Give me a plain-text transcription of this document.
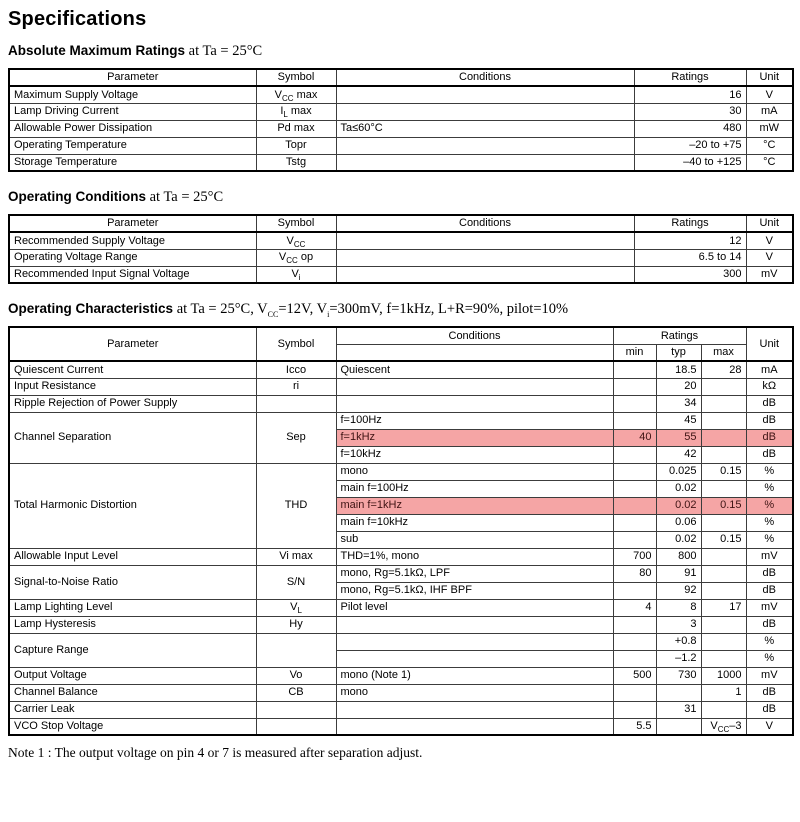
Specifications
Absolute Maximum Ratings at Ta = 25°C
Parameter	Symbol	Conditions	Ratings	Unit
Maximum Supply Voltage	$V_{CC}$ max		16	V
Lamp Driving Current	$I_L$ max		30	mA
Allowable Power Dissipation	Pd max	Ta≤60°C	480	mW
Operating Temperature	Topr		–20 to +75	°C
Storage Temperature	Tstg		–40 to +125	°C
Operating Conditions at Ta = 25°C
Parameter	Symbol	Conditions	Ratings	Unit
Recommended Supply Voltage	$V_{CC}$		12	V
Operating Voltage Range	$V_{CC}$ op		6.5 to 14	V
Recommended Input Signal Voltage	$V_i$		300	mV
Operating Characteristics at Ta = 25°C, $V_{CC}=12V$, $V_i=300mV$, f=1kHz, L+R=90%, pilot=10%
Parameter	Symbol	Conditions	Ratings			Unit
			min	typ	max	
Quiescent Current	Icco	Quiescent		18.5	28	mA
Input Resistance	ri			20		kΩ
Ripple Rejection of Power Supply				34		dB
Channel Separation	Sep	f=100Hz		45		dB
		f=1kHz	40	55		dB
		f=10kHz		42		dB
Total Harmonic Distortion	THD	mono		0.025	0.15	%
		main f=100Hz		0.02		%
		main f=1kHz		0.02	0.15	%
		main f=10kHz		0.06		%
		sub		0.02	0.15	%
Allowable Input Level	Vi max	THD=1%, mono	700	800		mV
Signal-to-Noise Ratio	S/N	mono, Rg=5.1kΩ, LPF	80	91		dB
		mono, Rg=5.1kΩ, IHF BPF		92		dB
Lamp Lighting Level	$V_L$	Pilot level	4	8	17	mV
Lamp Hysteresis	Hy			3		dB
Capture Range				+0.8		%
				–1.2		%
Output Voltage	Vo	mono (Note 1)	500	730	1000	mV
Channel Balance	CB	mono			1	dB
Carrier Leak				31		dB
VCO Stop Voltage			5.5		$V_{CC}-3$	V
Note 1 : The output voltage on pin 4 or 7 is measured after separation adjust.
